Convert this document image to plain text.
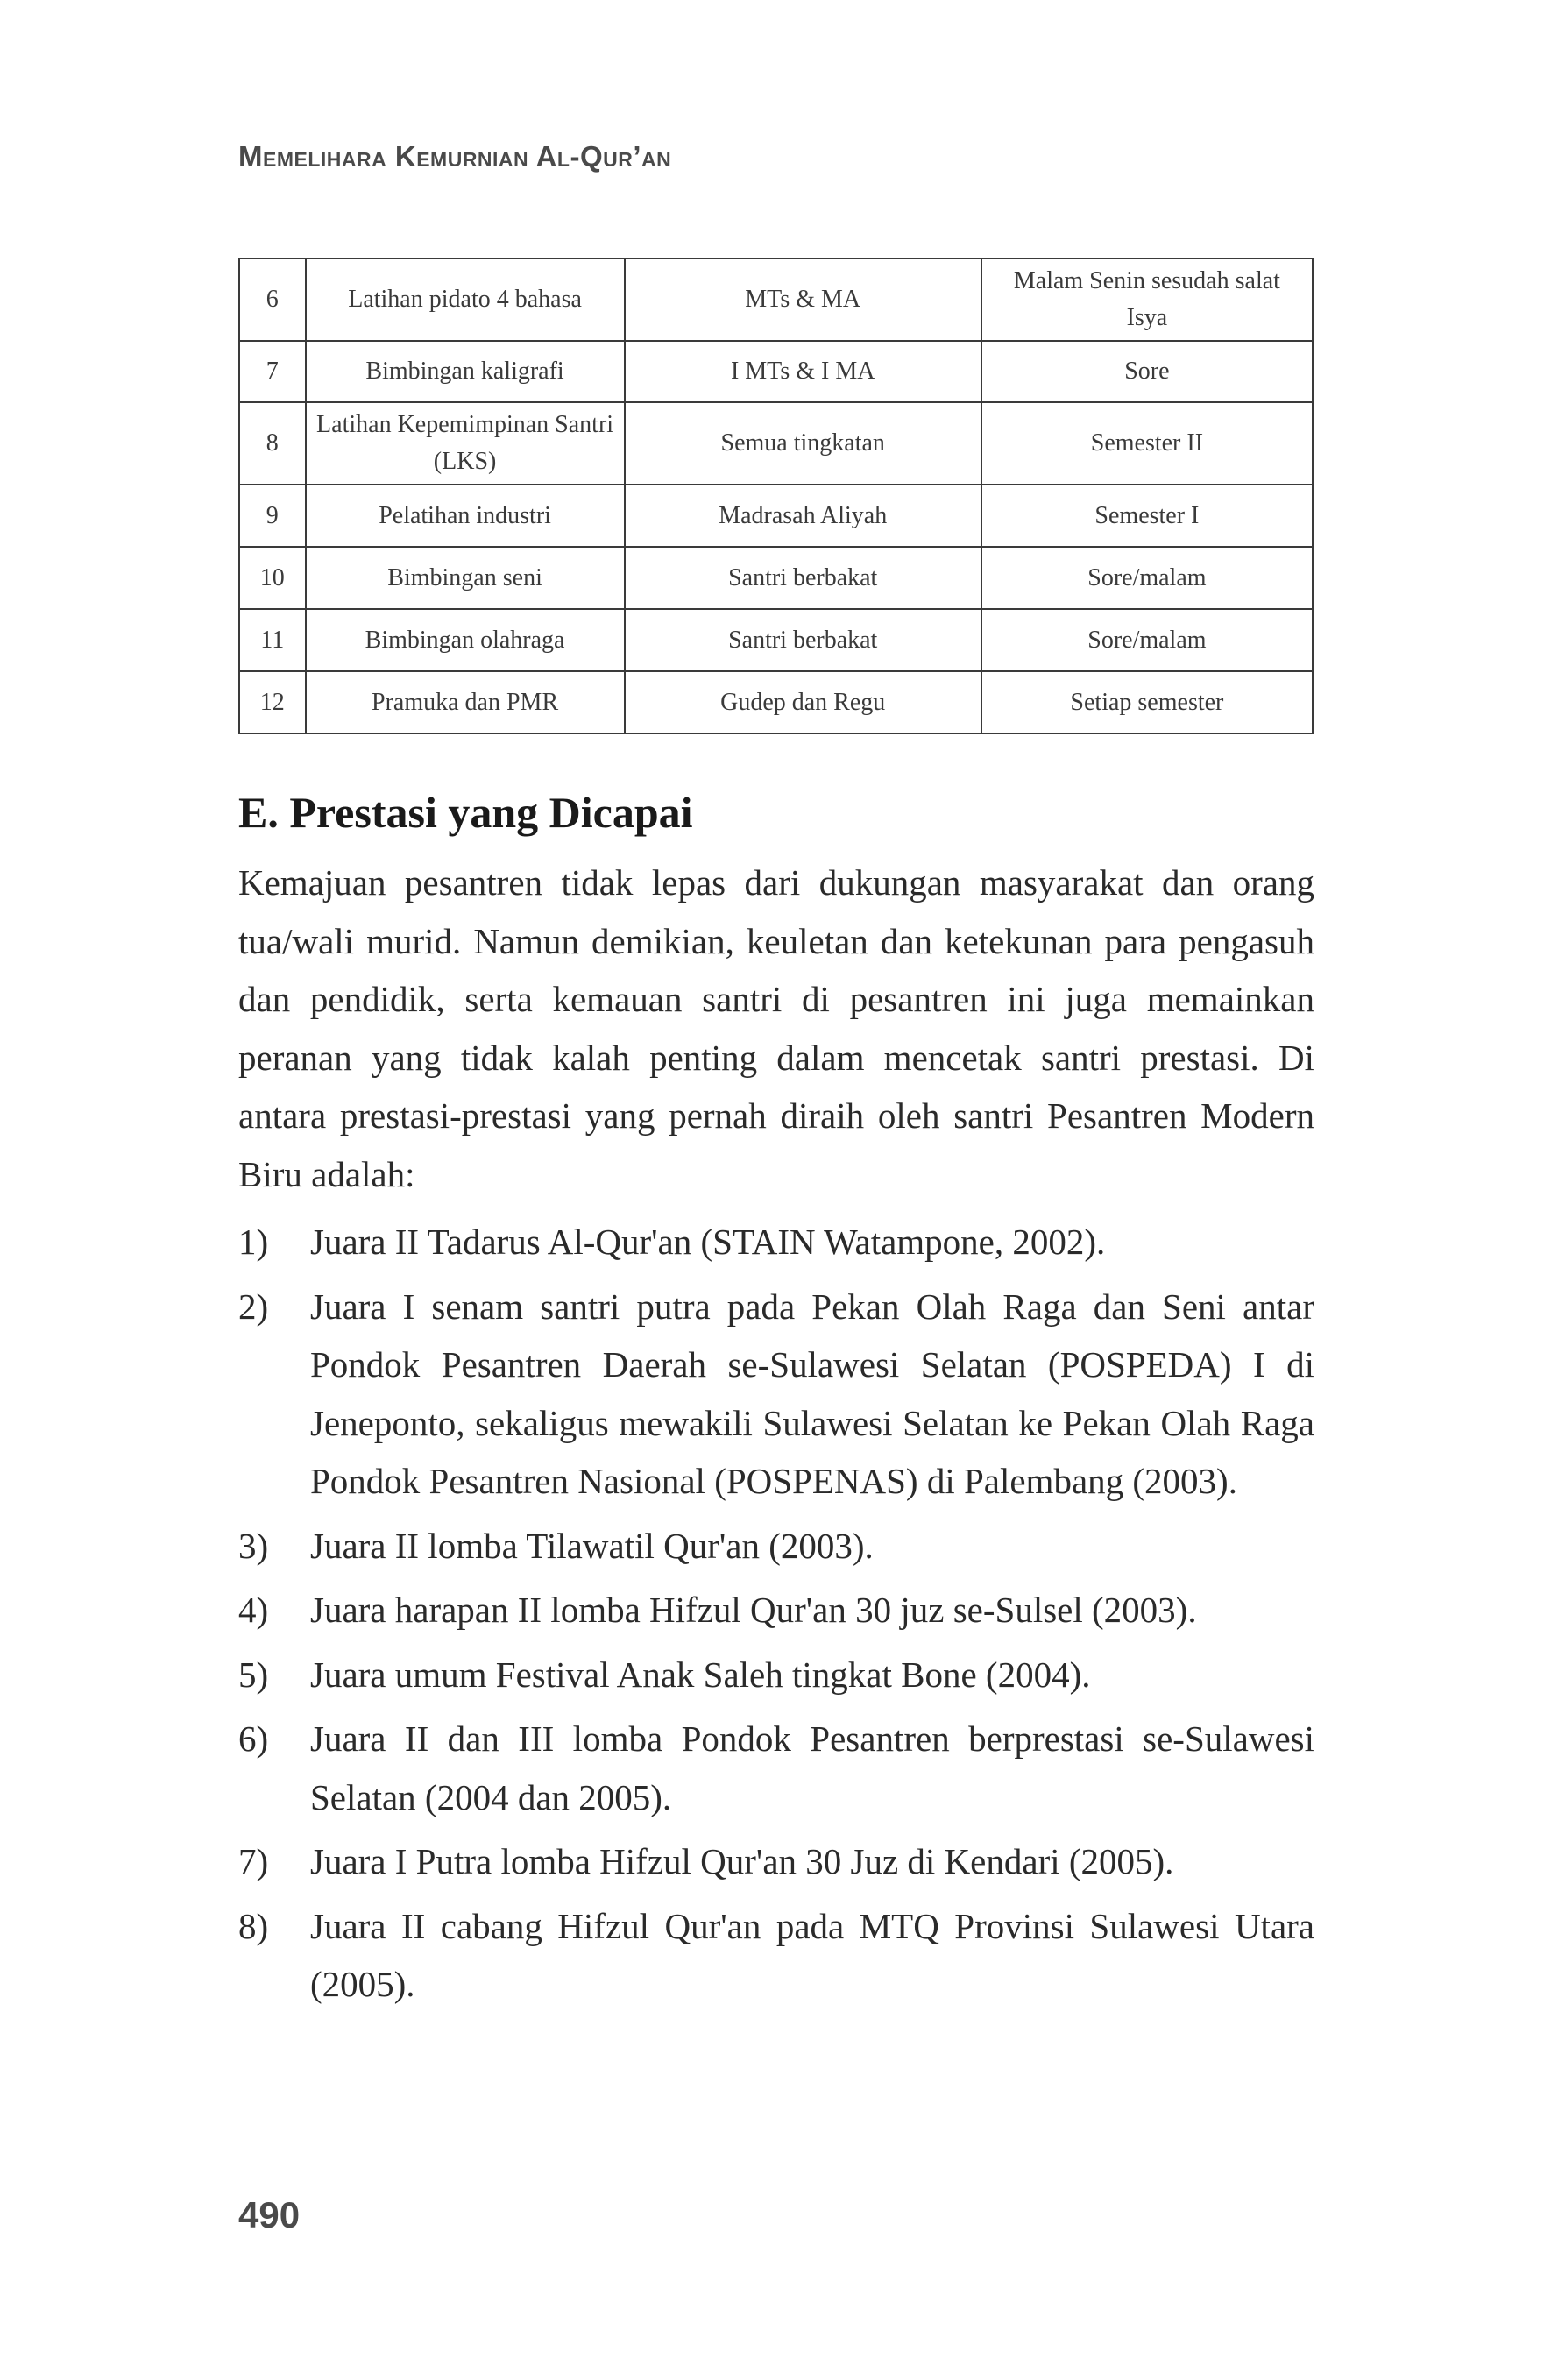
Memelihara Kemurnian Al-Qur’an
6	Latihan pidato 4 bahasa	MTs & MA	Malam Senin sesudah salat Isya
7	Bimbingan kaligrafi	I MTs & I MA	Sore
8	Latihan Kepemimpinan Santri (LKS)	Semua tingkatan	Semester II
9	Pelatihan industri	Madrasah Aliyah	Semester I
10	Bimbingan seni	Santri berbakat	Sore/malam
11	Bimbingan olahraga	Santri berbakat	Sore/malam
12	Pramuka dan PMR	Gudep dan Regu	Setiap semester
E. Prestasi yang Dicapai

Kemajuan pesantren tidak lepas dari dukungan masyarakat dan orang tua/wali murid. Namun demikian, keuletan dan ketekunan para pengasuh dan pendidik, serta kemauan santri di pesantren ini juga memainkan peranan yang tidak kalah penting dalam mencetak santri prestasi. Di antara prestasi-prestasi yang pernah diraih oleh santri Pesantren Modern Biru adalah:

1) Juara II Tadarus Al-Qur'an (STAIN Watampone, 2002).
2) Juara I senam santri putra pada Pekan Olah Raga dan Seni antar Pondok Pesantren Daerah se-Sulawesi Selatan (POSPEDA) I di Jeneponto, sekaligus mewakili Sulawesi Selatan ke Pekan Olah Raga Pondok Pesantren Nasional (POSPENAS) di Palembang (2003).
3) Juara II lomba Tilawatil Qur'an (2003).
4) Juara harapan II lomba Hifzul Qur'an 30 juz se-Sulsel (2003).
5) Juara umum Festival Anak Saleh tingkat Bone (2004).
6) Juara II dan III lomba Pondok Pesantren berprestasi se-Sulawesi Selatan (2004 dan 2005).
7) Juara I Putra lomba Hifzul Qur'an 30 Juz di Kendari (2005).
8) Juara II cabang Hifzul Qur'an pada MTQ Provinsi Sulawesi Utara (2005).
490
